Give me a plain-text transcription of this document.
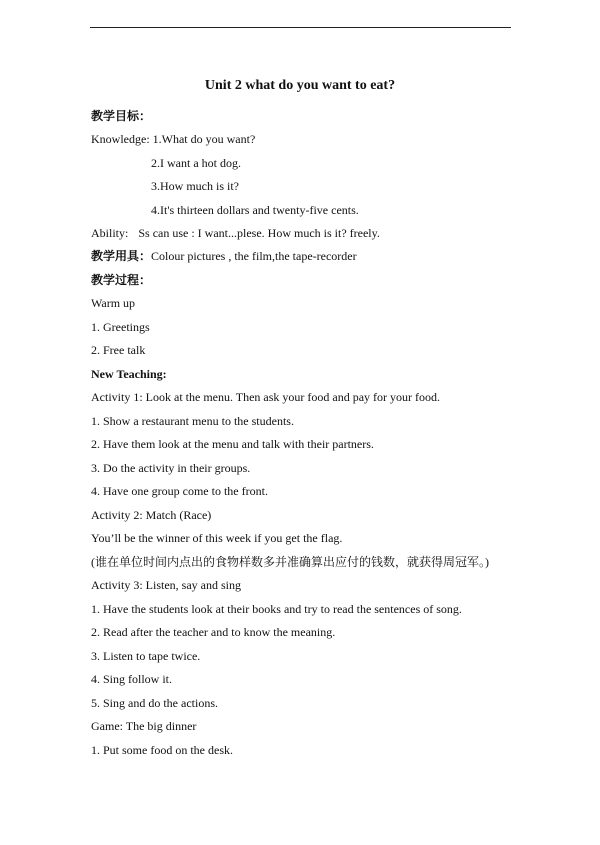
Unit 2 what do you want to eat?
教学目标：
Knowledge: 1.What do you want?
2.I want a hot dog.
3.How much is it?
4.It's thirteen dollars and twenty-five cents.
Ability: Ss can use : I want...plese. How much is it? freely.
教学用具：Colour pictures , the film,the tape-recorder
教学过程：
Warm up
1. Greetings
2. Free talk
New Teaching:
Activity 1: Look at the menu. Then ask your food and pay for your food.
1. Show a restaurant menu to the students.
2. Have them look at the menu and talk with their partners.
3. Do the activity in their groups.
4. Have one group come to the front.
Activity 2: Match (Race)
You’ll be the winner of this week if you get the flag.
(谁在单位时间内点出的食物样数多并准确算出应付的钱数，就获得周冠军。)
Activity 3: Listen, say and sing
1. Have the students look at their books and try to read the sentences of song.
2. Read after the teacher and to know the meaning.
3. Listen to tape twice.
4. Sing follow it.
5. Sing and do the actions.
Game: The big dinner
1. Put some food on the desk.
